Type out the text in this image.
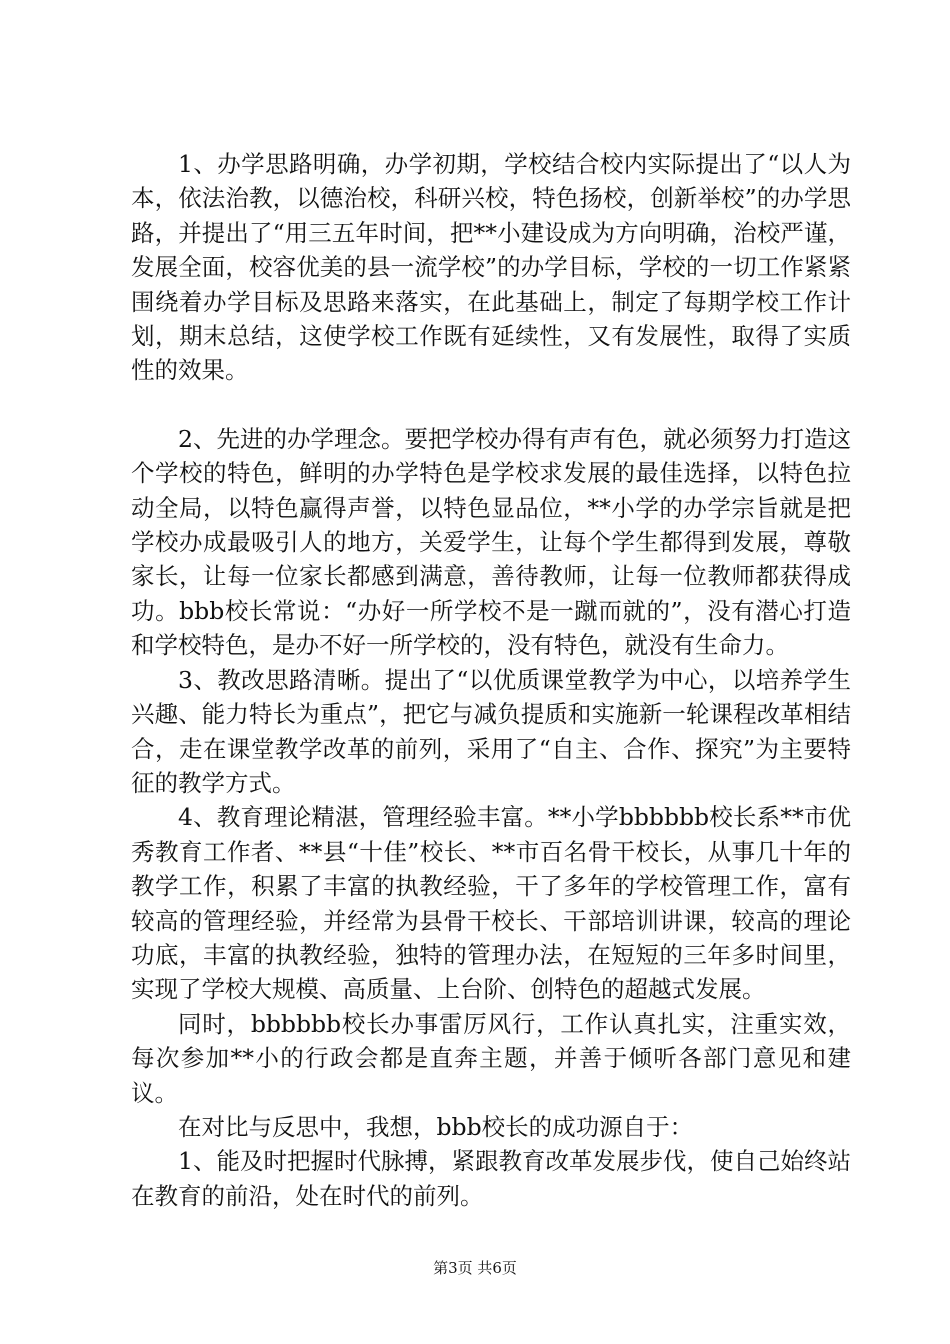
1、办学思路明确，办学初期，学校结合校内实际提出了“以人为本，依法治教，以德治校，科研兴校，特色扬校，创新举校”的办学思路，并提出了“用三五年时间，把**小建设成为方向明确，治校严谨，发展全面，校容优美的县一流学校”的办学目标，学校的一切工作紧紧围绕着办学目标及思路来落实，在此基础上，制定了每期学校工作计划，期末总结，这使学校工作既有延续性，又有发展性，取得了实质性的效果。

2、先进的办学理念。要把学校办得有声有色，就必须努力打造这个学校的特色，鲜明的办学特色是学校求发展的最佳选择，以特色拉动全局，以特色赢得声誉，以特色显品位，**小学的办学宗旨就是把学校办成最吸引人的地方，关爱学生，让每个学生都得到发展，尊敬家长，让每一位家长都感到满意，善待教师，让每一位教师都获得成功。bbb校长常说：“办好一所学校不是一蹴而就的”，没有潜心打造和学校特色，是办不好一所学校的，没有特色，就没有生命力。

3、教改思路清晰。提出了“以优质课堂教学为中心，以培养学生兴趣、能力特长为重点”，把它与减负提质和实施新一轮课程改革相结合，走在课堂教学改革的前列，采用了“自主、合作、探究”为主要特征的教学方式。

4、教育理论精湛，管理经验丰富。**小学bbbbbb校长系**市优秀教育工作者、**县“十佳”校长、**市百名骨干校长，从事几十年的教学工作，积累了丰富的执教经验，干了多年的学校管理工作，富有较高的管理经验，并经常为县骨干校长、干部培训讲课，较高的理论功底，丰富的执教经验，独特的管理办法，在短短的三年多时间里，实现了学校大规模、高质量、上台阶、创特色的超越式发展。

同时，bbbbbb校长办事雷厉风行，工作认真扎实，注重实效，每次参加**小的行政会都是直奔主题，并善于倾听各部门意见和建议。

在对比与反思中，我想，bbb校长的成功源自于：

1、能及时把握时代脉搏，紧跟教育改革发展步伐，使自己始终站在教育的前沿，处在时代的前列。

第3页 共6页
